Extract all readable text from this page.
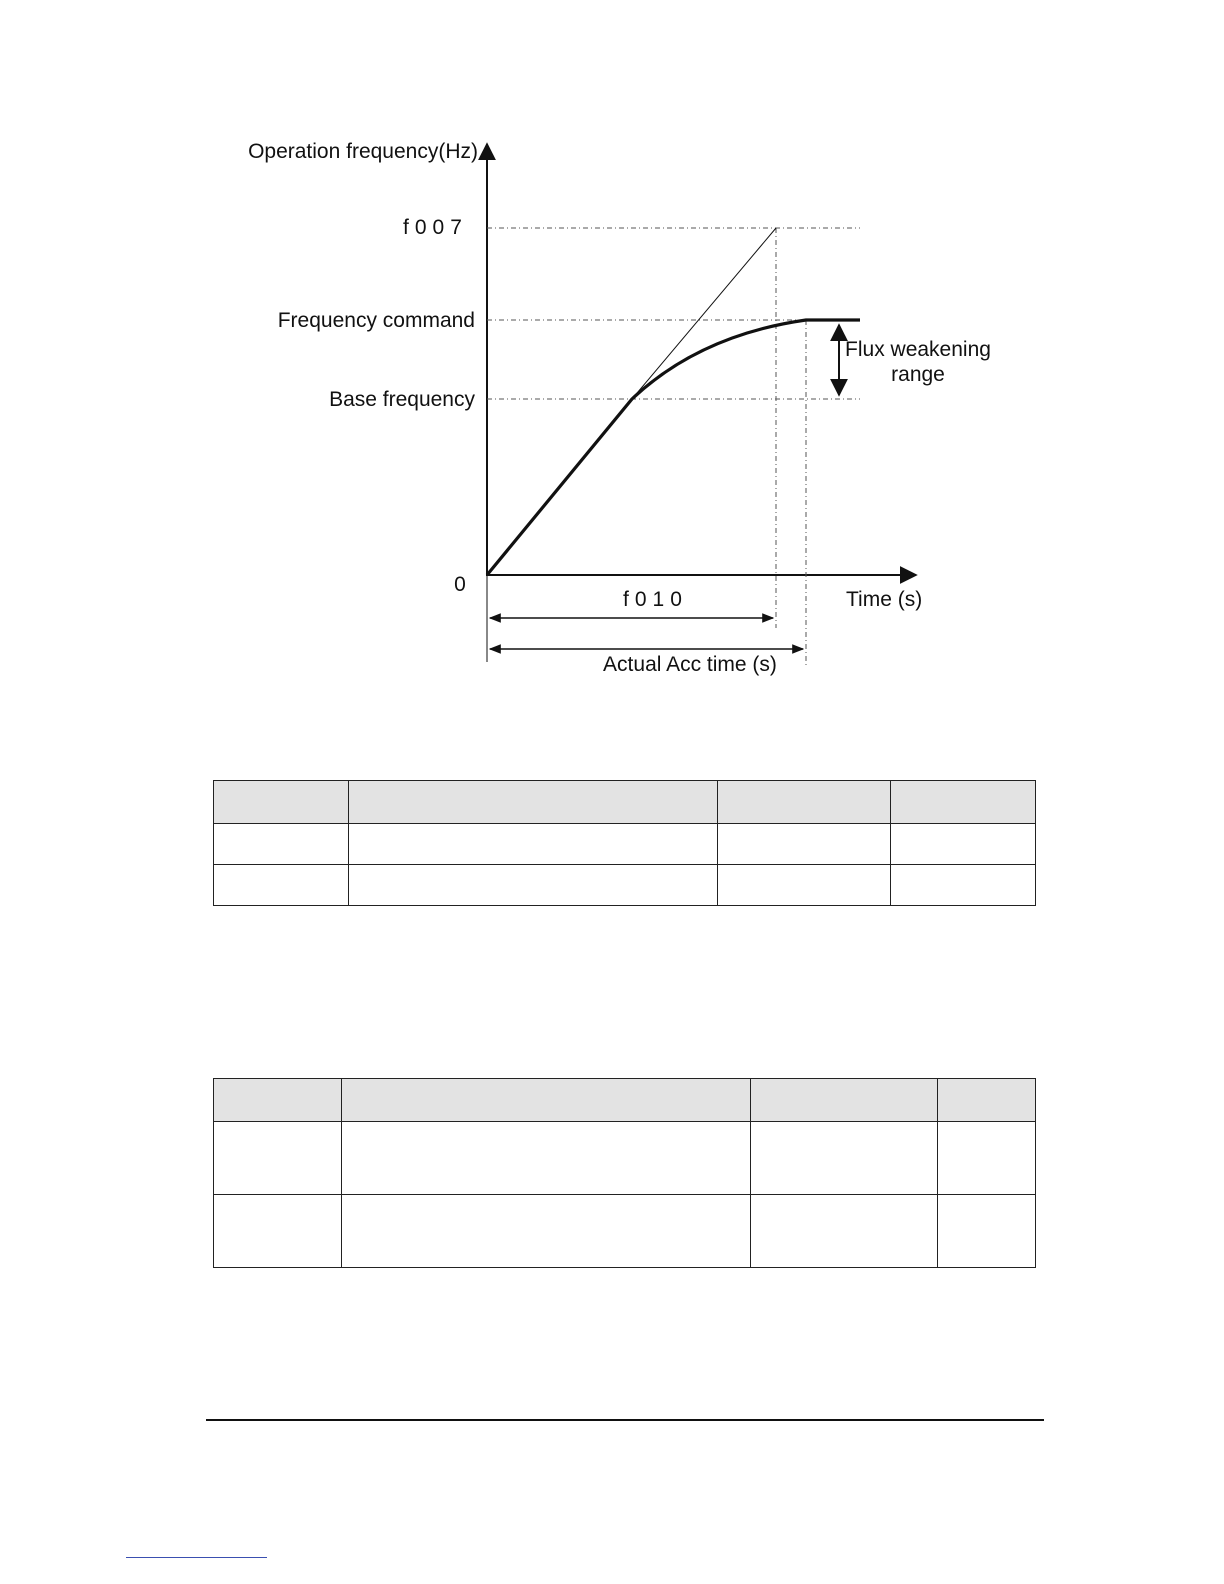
Operation frequency(Hz)
f007
Frequency command
Base frequency
Flux weakening
range
0
f010	Time (s)
Actual Acc time (s)
